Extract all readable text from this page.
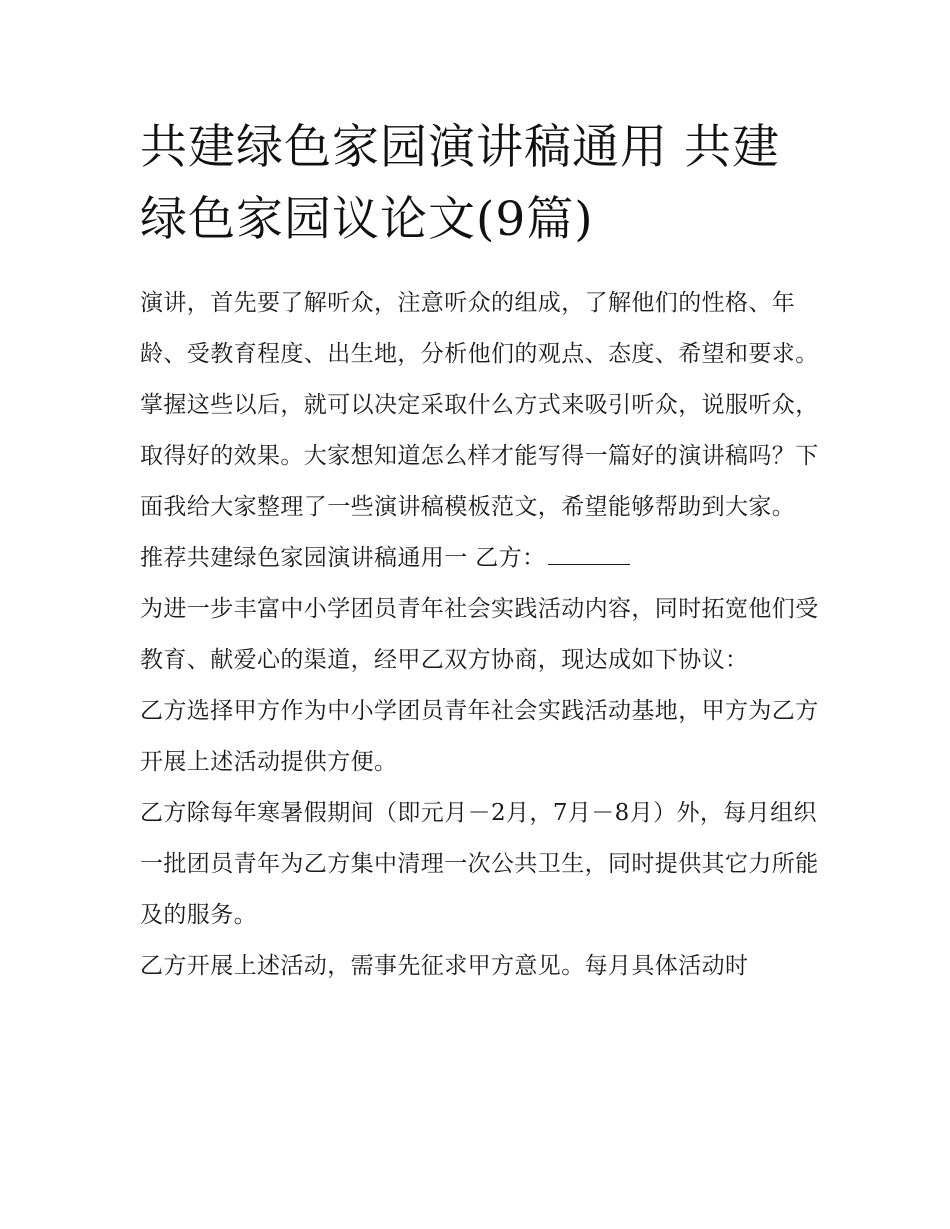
共建绿色家园演讲稿通用 共建绿色家园议论文(9篇)

演讲，首先要了解听众，注意听众的组成，了解他们的性格、年龄、受教育程度、出生地，分析他们的观点、态度、希望和要求。掌握这些以后，就可以决定采取什么方式来吸引听众，说服听众，取得好的效果。大家想知道怎么样才能写得一篇好的演讲稿吗？下面我给大家整理了一些演讲稿模板范文，希望能够帮助到大家。

推荐共建绿色家园演讲稿通用一 乙方：

为进一步丰富中小学团员青年社会实践活动内容，同时拓宽他们受教育、献爱心的渠道，经甲乙双方协商，现达成如下协议：

乙方选择甲方作为中小学团员青年社会实践活动基地，甲方为乙方开展上述活动提供方便。

乙方除每年寒暑假期间（即元月－2月，7月－8月）外，每月组织一批团员青年为乙方集中清理一次公共卫生，同时提供其它力所能及的服务。

乙方开展上述活动，需事先征求甲方意见。每月具体活动时
